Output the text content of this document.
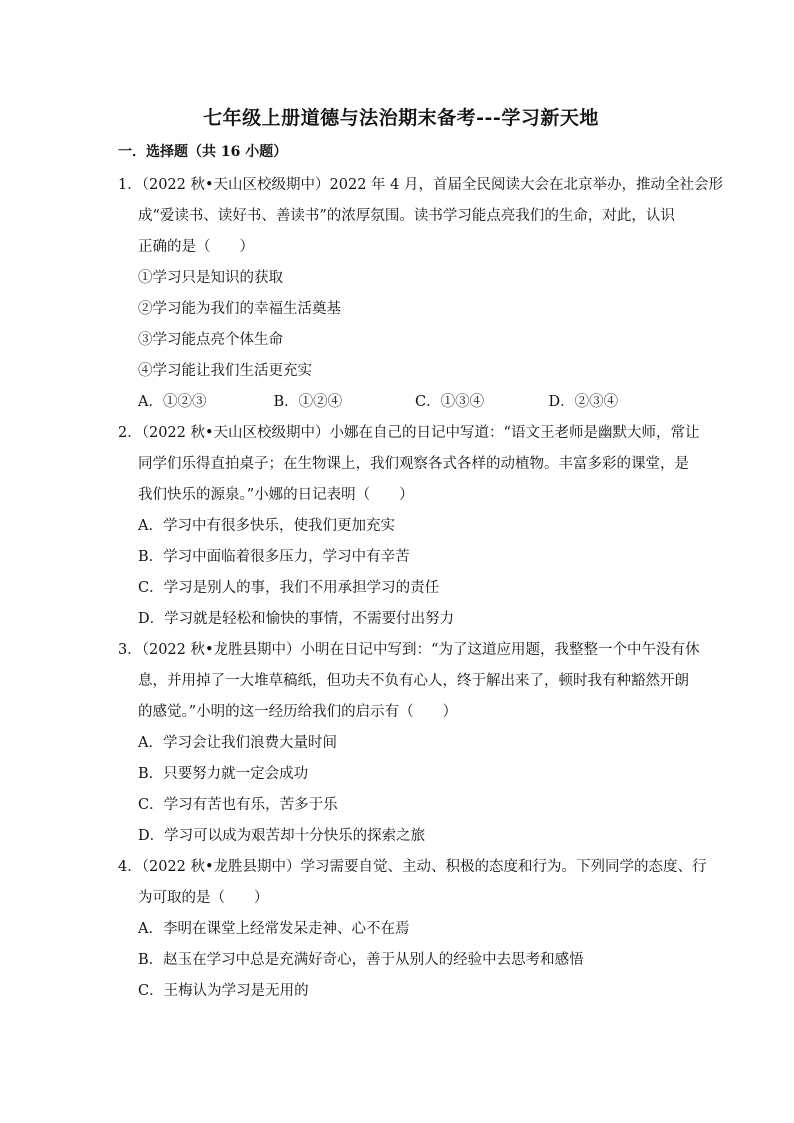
七年级上册道德与法治期末备考---学习新天地
一．选择题（共 16 小题）

1．（2022 秋•天山区校级期中）2022 年 4 月，首届全民阅读大会在北京举办，推动全社会形

成“爱读书、读好书、善读书”的浓厚氛围。读书学习能点亮我们的生命，对此，认识

正确的是（　　）

①学习只是知识的获取

②学习能为我们的幸福生活奠基

③学习能点亮个体生命

④学习能让我们生活更充实

A．①②③	B．①②④	C．①③④	D．②③④

2．（2022 秋•天山区校级期中）小娜在自己的日记中写道：“语文王老师是幽默大师，常让

同学们乐得直拍桌子；在生物课上，我们观察各式各样的动植物。丰富多彩的课堂，是

我们快乐的源泉。”小娜的日记表明（　　）

A．学习中有很多快乐，使我们更加充实

B．学习中面临着很多压力，学习中有辛苦

C．学习是别人的事，我们不用承担学习的责任

D．学习就是轻松和愉快的事情，不需要付出努力

3．（2022 秋•龙胜县期中）小明在日记中写到：“为了这道应用题，我整整一个中午没有休

息，并用掉了一大堆草稿纸，但功夫不负有心人，终于解出来了，顿时我有种豁然开朗

的感觉。”小明的这一经历给我们的启示有（　　）

A．学习会让我们浪费大量时间

B．只要努力就一定会成功

C．学习有苦也有乐，苦多于乐

D．学习可以成为艰苦却十分快乐的探索之旅

4．（2022 秋•龙胜县期中）学习需要自觉、主动、积极的态度和行为。下列同学的态度、行

为可取的是（　　）

A．李明在课堂上经常发呆走神、心不在焉

B．赵玉在学习中总是充满好奇心，善于从别人的经验中去思考和感悟

C．王梅认为学习是无用的
